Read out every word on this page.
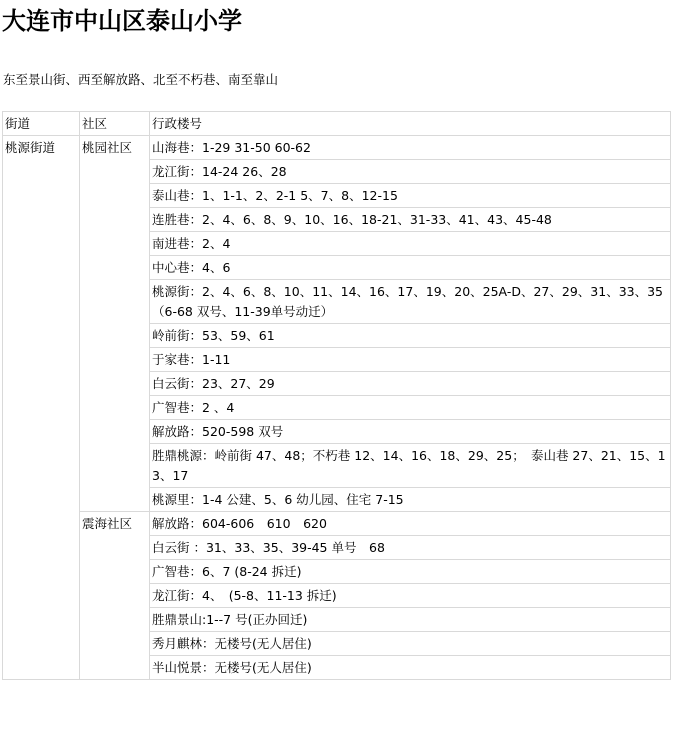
大连市中山区泰山小学

东至景山街、西至解放路、北至不朽巷、南至靠山

街道	社区	行政楼号
桃源街道	桃园社区	山海巷：1-29 31-50 60-62
		龙江街：14-24 26、28
		泰山巷：1、1-1、2、2-1 5、7、8、12-15
		连胜巷：2、4、6、8、9、10、16、18-21、31-33、41、43、45-48
		南进巷：2、4
		中心巷：4、6
		桃源街：2、4、6、8、10、11、14、16、17、19、20、25A-D、27、29、31、33、35（6-68 双号、11-39单号动迁）
		岭前街：53、59、61
		于家巷：1-11
		白云街：23、27、29
		广智巷：2 、4
		解放路：520-598 双号
		胜鼎桃源：岭前街 47、48；不朽巷 12、14、16、18、29、25；　泰山巷 27、21、15、13、17
		桃源里：1-4 公建、5、6 幼儿园、住宅 7-15
	震海社区	解放路：604-606　610　620
		白云街 ：31、33、35、39-45 单号　68
		广智巷：6、7 (8-24 拆迁)
		龙江街：4、　(5-8、11-13 拆迁)
		胜鼎景山:1--7 号(正办回迁)
		秀月麒林：无楼号(无人居住)
		半山悦景：无楼号(无人居住)
